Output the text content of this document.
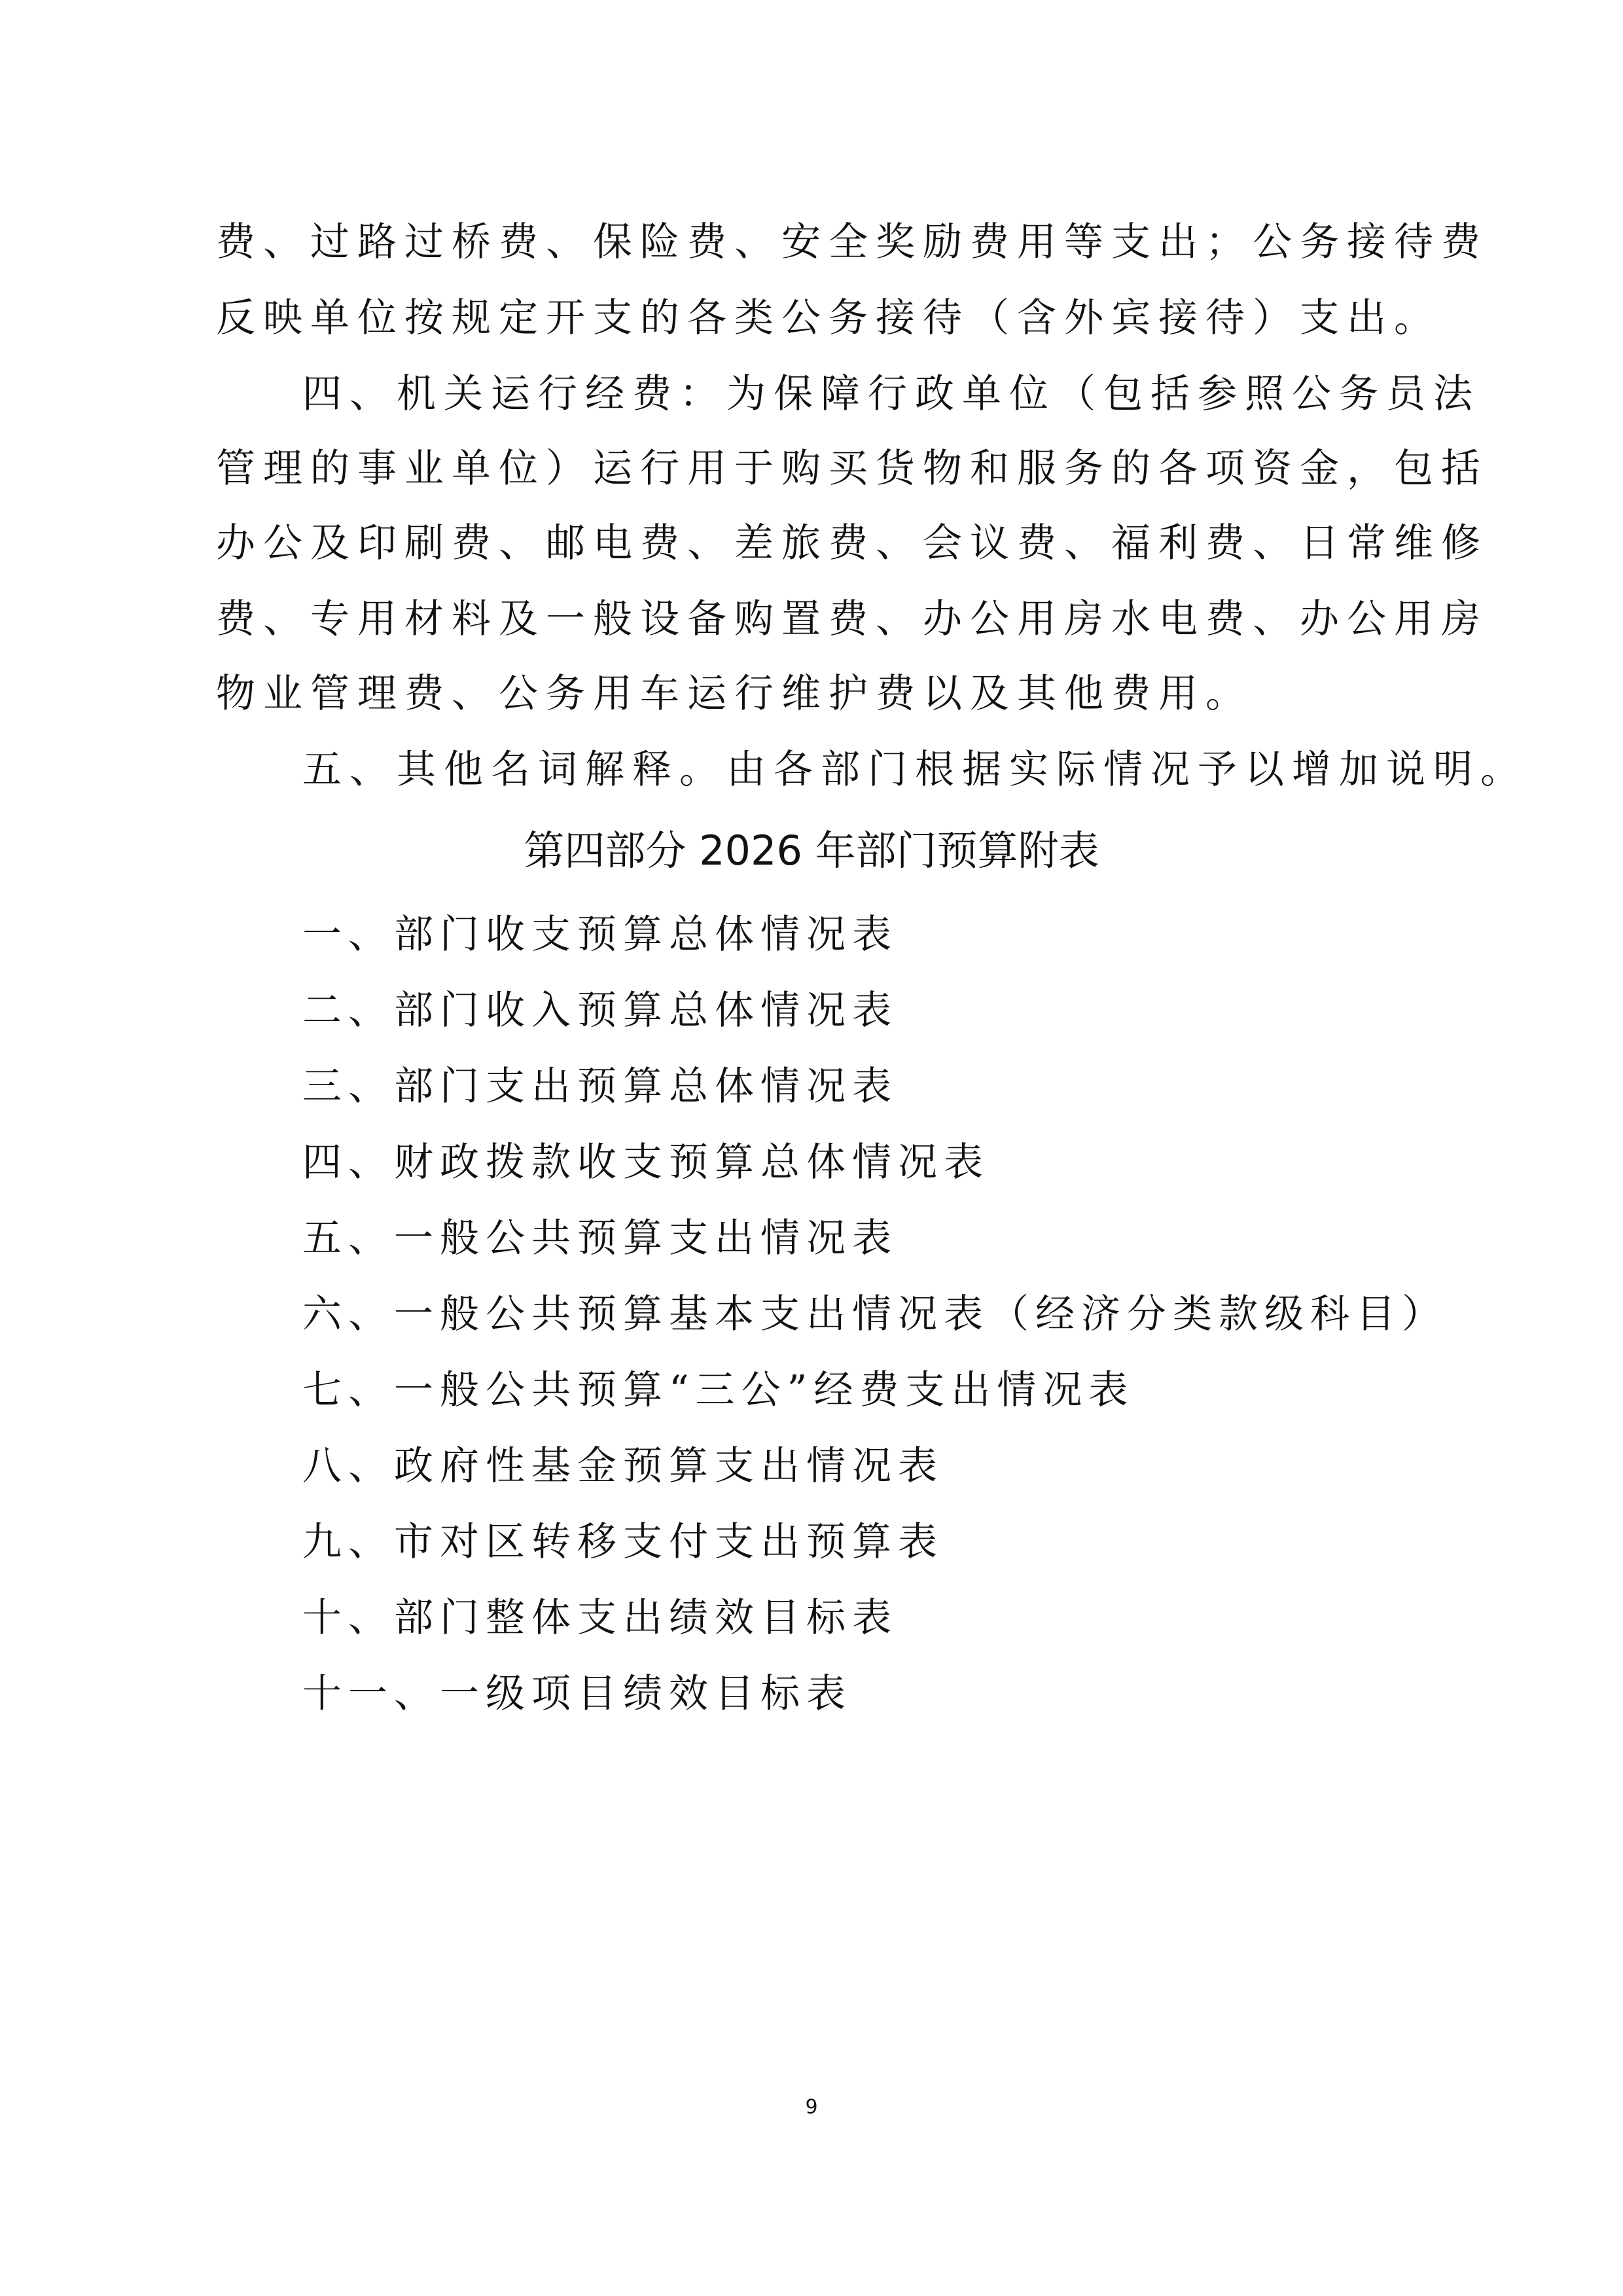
费、过路过桥费、保险费、安全奖励费用等支出；公务接待费
反映单位按规定开支的各类公务接待（含外宾接待）支出。
四、机关运行经费：为保障行政单位（包括参照公务员法
管理的事业单位）运行用于购买货物和服务的各项资金，包括
办公及印刷费、邮电费、差旅费、会议费、福利费、日常维修
费、专用材料及一般设备购置费、办公用房水电费、办公用房
物业管理费、公务用车运行维护费以及其他费用。
五、其他名词解释。由各部门根据实际情况予以增加说明。
第四部分 2026 年部门预算附表
一、部门收支预算总体情况表
二、部门收入预算总体情况表
三、部门支出预算总体情况表
四、财政拨款收支预算总体情况表
五、一般公共预算支出情况表
六、一般公共预算基本支出情况表（经济分类款级科目）
七、一般公共预算“三公”经费支出情况表
八、政府性基金预算支出情况表
九、市对区转移支付支出预算表
十、部门整体支出绩效目标表
十一、一级项目绩效目标表
9
